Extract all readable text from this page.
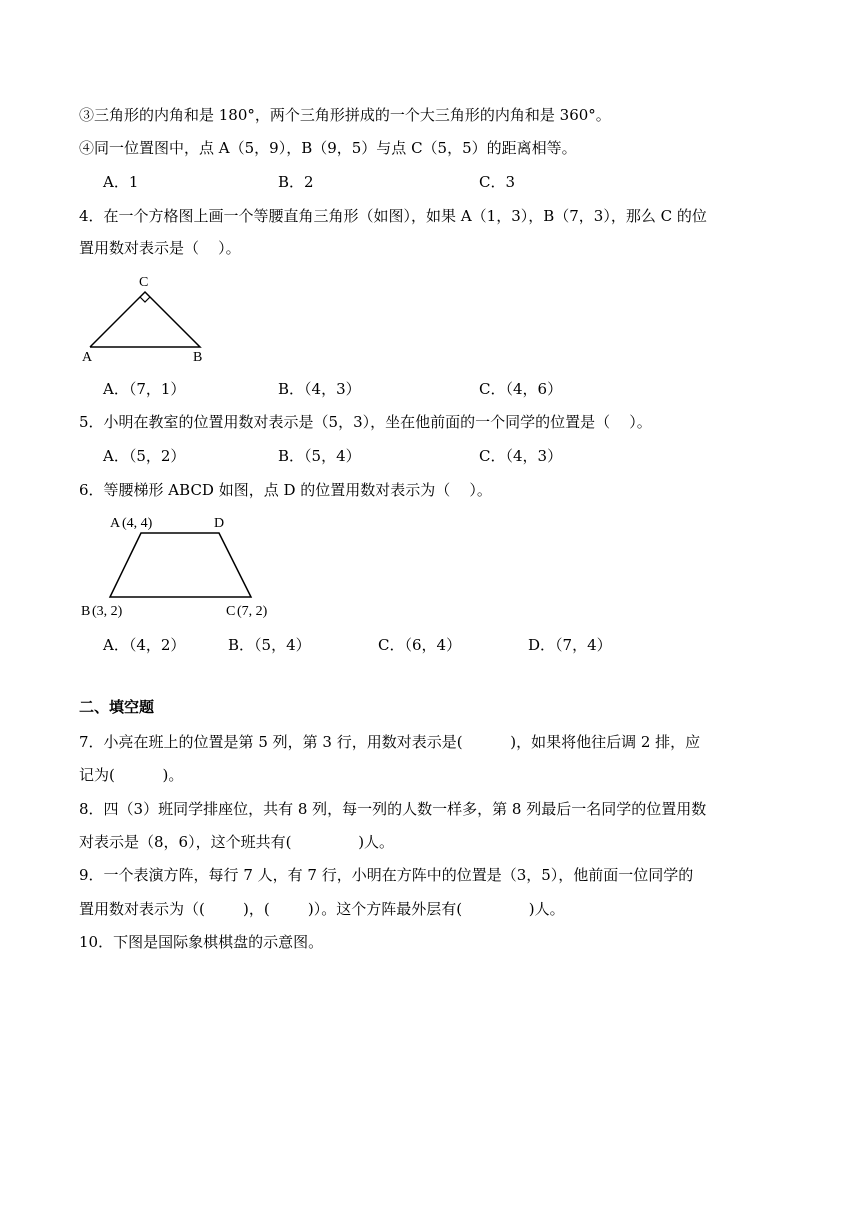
③三角形的内角和是 180°，两个三角形拼成的一个大三角形的内角和是 360°。

④同一位置图中，点 A（5，9），B（9，5）与点 C（5，5）的距离相等。

A．1	B．2	C．3

4．在一个方格图上画一个等腰直角三角形（如图），如果 A（1，3），B（7，3），那么 C 的位

置用数对表示是（    ）。

C
A	B
A．（7，1）	B．（4，3）	C．（4，6）

5．小明在教室的位置用数对表示是（5，3），坐在他前面的一个同学的位置是（    ）。

A．（5，2）	B．（5，4）	C．（4，3）

6．等腰梯形 ABCD 如图，点 D 的位置用数对表示为（    ）。

A (4, 4)	D
B (3, 2)	C (7, 2)
A．（4，2）	B．（5，4）	C．（6，4）	D．（7，4）

二、填空题

7．小亮在班上的位置是第 5 列，第 3 行，用数对表示是(          )，如果将他往后调 2 排，应

记为(          )。

8．四（3）班同学排座位，共有 8 列，每一列的人数一样多，第 8 列最后一名同学的位置用数

对表示是（8，6），这个班共有(              )人。

9．一个表演方阵，每行 7 人，有 7 行，小明在方阵中的位置是（3，5），他前面一位同学的

置用数对表示为（(        )，(        )）。这个方阵最外层有(              )人。

10．下图是国际象棋棋盘的示意图。
